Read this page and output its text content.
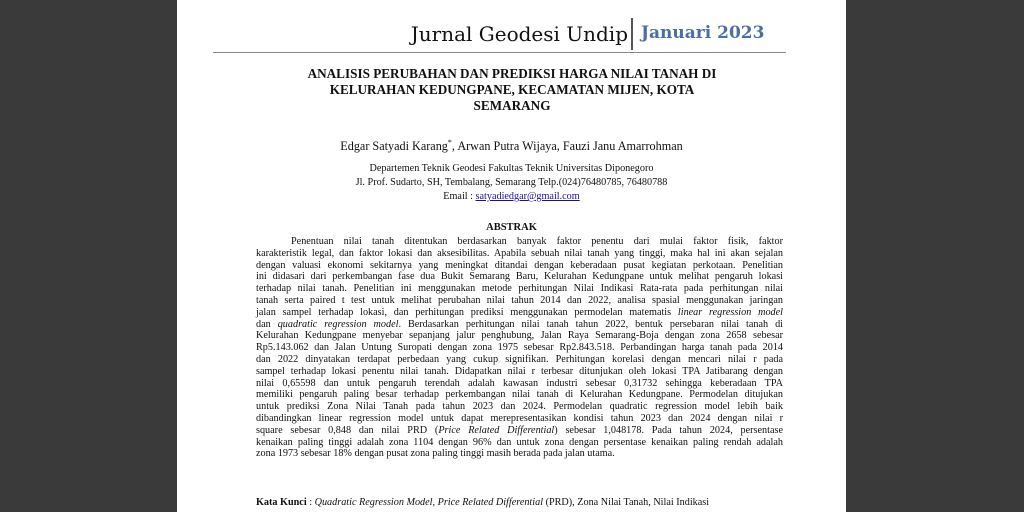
Jurnal Geodesi Undip Januari 2023
ANALISIS PERUBAHAN DAN PREDIKSI HARGA NILAI TANAH DI
KELURAHAN KEDUNGPANE, KECAMATAN MIJEN, KOTA
SEMARANG
Edgar Satyadi Karang*, Arwan Putra Wijaya, Fauzi Janu Amarrohman
Departemen Teknik Geodesi Fakultas Teknik Universitas Diponegoro
Jl. Prof. Sudarto, SH, Tembalang, Semarang Telp.(024)76480785, 76480788
Email : satyadiedgar@gmail.com
ABSTRAK
Penentuan nilai tanah ditentukan berdasarkan banyak faktor penentu dari mulai faktor fisik, faktor
karakteristik legal, dan faktor lokasi dan aksesibilitas. Apabila sebuah nilai tanah yang tinggi, maka hal ini akan sejalan
dengan valuasi ekonomi sekitarnya yang meningkat ditandai dengan keberadaan pusat kegiatan perkotaan. Penelitian
ini didasari dari perkembangan fase dua Bukit Semarang Baru, Kelurahan Kedungpane untuk melihat pengaruh lokasi
terhadap nilai tanah. Penelitian ini menggunakan metode perhitungan Nilai Indikasi Rata-rata pada perhitungan nilai
tanah serta paired t test untuk melihat perubahan nilai tahun 2014 dan 2022, analisa spasial menggunakan jaringan
jalan sampel terhadap lokasi, dan perhitungan prediksi menggunakan permodelan matematis linear regression model
dan quadratic regression model. Berdasarkan perhitungan nilai tanah tahun 2022, bentuk persebaran nilai tanah di
Kelurahan Kedungpane menyebar sepanjang jalur penghubung, Jalan Raya Semarang-Boja dengan zona 2658 sebesar
Rp5.143.062 dan Jalan Untung Suropati dengan zona 1975 sebesar Rp2.843.518. Perbandingan harga tanah pada 2014
dan 2022 dinyatakan terdapat perbedaan yang cukup signifikan. Perhitungan korelasi dengan mencari nilai r pada
sampel terhadap lokasi penentu nilai tanah. Didapatkan nilai r terbesar ditunjukan oleh lokasi TPA Jatibarang dengan
nilai 0,65598 dan untuk pengaruh terendah adalah kawasan industri sebesar 0,31732 sehingga keberadaan TPA
memiliki pengaruh paling besar terhadap perkembangan nilai tanah di Kelurahan Kedungpane. Permodelan ditujukan
untuk prediksi Zona Nilai Tanah pada tahun 2023 dan 2024. Permodelan quadratic regression model lebih baik
dibandingkan linear regression model untuk dapat merepresentasikan kondisi tahun 2023 dan 2024 dengan nilai r
square sebesar 0,848 dan nilai PRD (Price Related Differential) sebesar 1,048178. Pada tahun 2024, persentase
kenaikan paling tinggi adalah zona 1104 dengan 96% dan untuk zona dengan persentase kenaikan paling rendah adalah
zona 1973 sebesar 18% dengan pusat zona paling tinggi masih berada pada jalan utama.
Kata Kunci : Quadratic Regression Model, Price Related Differential (PRD), Zona Nilai Tanah, Nilai Indikasi
